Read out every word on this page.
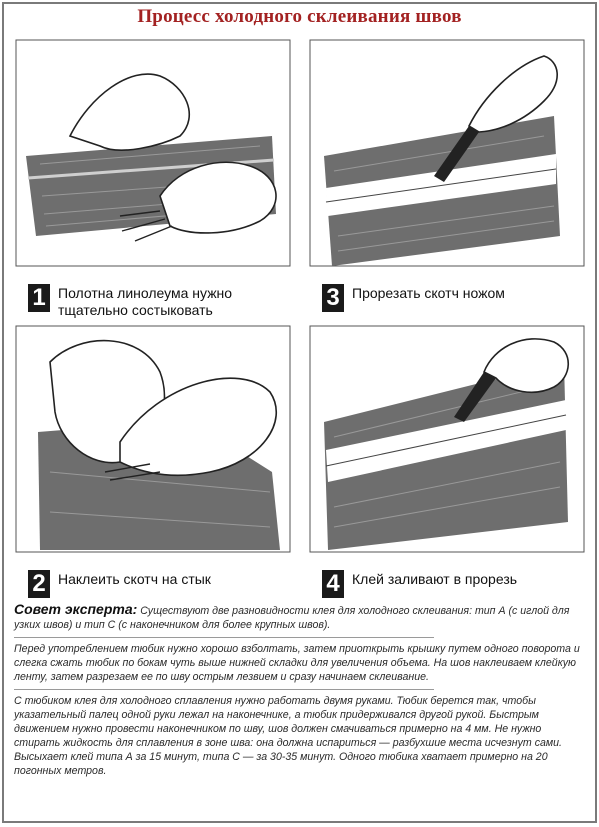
Процесс холодного склеивания швов
1 Полотна линолеума нужно
тщательно состыковать	3 Прорезать скотч ножом
2 Наклеить скотч на стык	4 Клей заливают в прорезь

Совет эксперта: Существуют две разновидности клея для холодного склеивания: тип А (с иглой для узких швов) и тип С (с наконечником для более крупных швов).

Перед употреблением тюбик нужно хорошо взболтать, затем приоткрыть крышку путем одного поворота и слегка сжать тюбик по бокам чуть выше нижней складки для увеличения объема. На шов наклеиваем клейкую ленту, затем разрезаем ее по шву острым лезвием и сразу начинаем склеивание.

С тюбиком клея для холодного сплавления нужно работать двумя руками. Тюбик берется так, чтобы указательный палец одной руки лежал на наконечнике, а тюбик придерживался другой рукой. Быстрым движением нужно провести наконечником по шву, шов должен смачиваться примерно на 4 мм. Не нужно стирать жидкость для сплавления в зоне шва: она должна испариться — разбухшие места исчезнут сами. Высыхает клей типа А за 15 минут, типа С — за 30-35 минут. Одного тюбика хватает примерно на 20 погонных метров.
